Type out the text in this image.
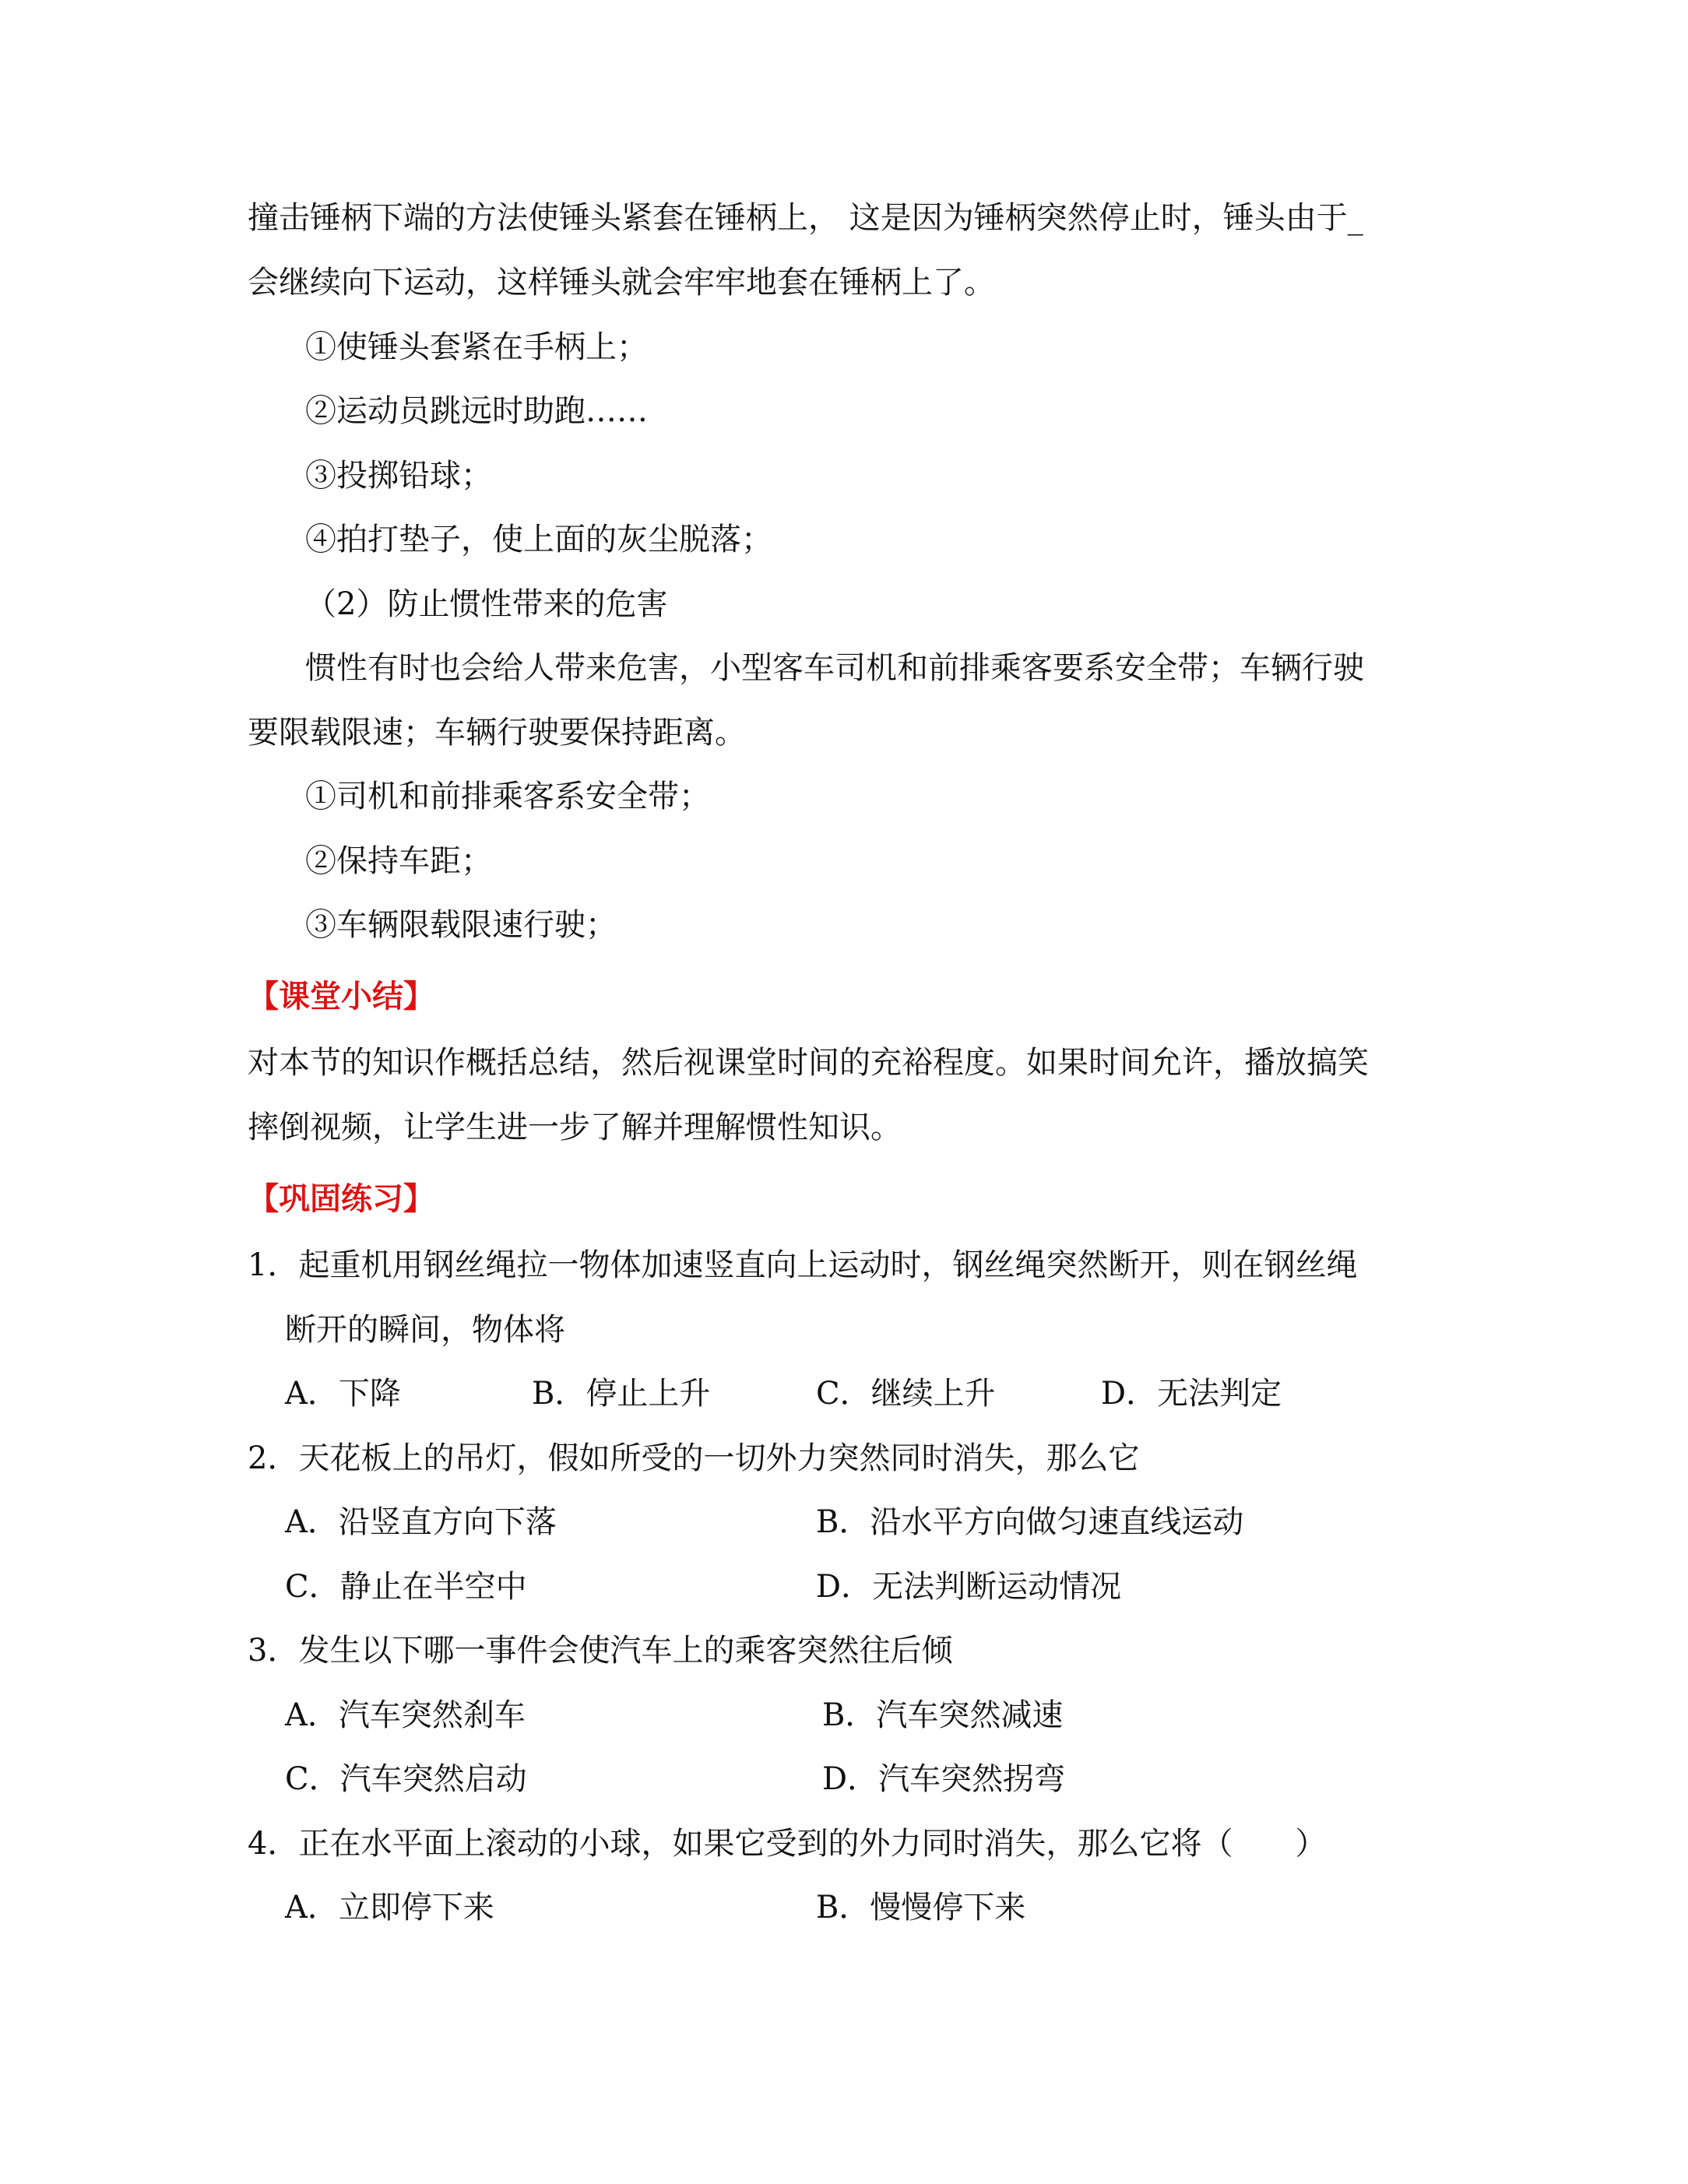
撞击锤柄下端的方法使锤头紧套在锤柄上， 这是因为锤柄突然停止时，锤头由于_
会继续向下运动，这样锤头就会牢牢地套在锤柄上了。
①使锤头套紧在手柄上；
②运动员跳远时助跑……
③投掷铅球；
④拍打垫子，使上面的灰尘脱落；
（2）防止惯性带来的危害
惯性有时也会给人带来危害，小型客车司机和前排乘客要系安全带；车辆行驶
要限载限速；车辆行驶要保持距离。
①司机和前排乘客系安全带；
②保持车距；
③车辆限载限速行驶；
【课堂小结】
对本节的知识作概括总结，然后视课堂时间的充裕程度。如果时间允许，播放搞笑
摔倒视频，让学生进一步了解并理解惯性知识。
【巩固练习】
1．起重机用钢丝绳拉一物体加速竖直向上运动时，钢丝绳突然断开，则在钢丝绳
断开的瞬间，物体将
A．下降	B．停止上升	C．继续上升	D．无法判定
2．天花板上的吊灯，假如所受的一切外力突然同时消失，那么它
A．沿竖直方向下落	B．沿水平方向做匀速直线运动
C．静止在半空中	D．无法判断运动情况
3．发生以下哪一事件会使汽车上的乘客突然往后倾
A．汽车突然刹车	B．汽车突然减速
C．汽车突然启动	D．汽车突然拐弯
4．正在水平面上滚动的小球，如果它受到的外力同时消失，那么它将（　　）
A．立即停下来	B．慢慢停下来
